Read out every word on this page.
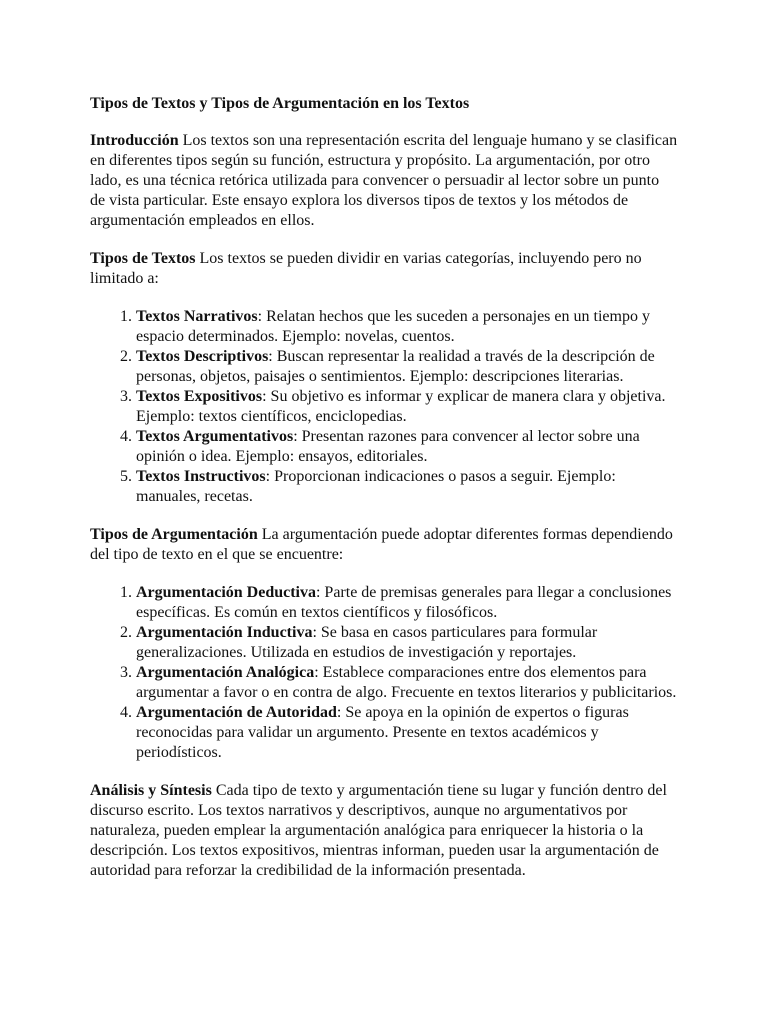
Tipos de Textos y Tipos de Argumentación en los Textos

Introducción Los textos son una representación escrita del lenguaje humano y se clasifican en diferentes tipos según su función, estructura y propósito. La argumentación, por otro lado, es una técnica retórica utilizada para convencer o persuadir al lector sobre un punto de vista particular. Este ensayo explora los diversos tipos de textos y los métodos de argumentación empleados en ellos.

Tipos de Textos Los textos se pueden dividir en varias categorías, incluyendo pero no limitado a:

1. Textos Narrativos: Relatan hechos que les suceden a personajes en un tiempo y espacio determinados. Ejemplo: novelas, cuentos.
2. Textos Descriptivos: Buscan representar la realidad a través de la descripción de personas, objetos, paisajes o sentimientos. Ejemplo: descripciones literarias.
3. Textos Expositivos: Su objetivo es informar y explicar de manera clara y objetiva. Ejemplo: textos científicos, enciclopedias.
4. Textos Argumentativos: Presentan razones para convencer al lector sobre una opinión o idea. Ejemplo: ensayos, editoriales.
5. Textos Instructivos: Proporcionan indicaciones o pasos a seguir. Ejemplo: manuales, recetas.

Tipos de Argumentación La argumentación puede adoptar diferentes formas dependiendo del tipo de texto en el que se encuentre:

1. Argumentación Deductiva: Parte de premisas generales para llegar a conclusiones específicas. Es común en textos científicos y filosóficos.
2. Argumentación Inductiva: Se basa en casos particulares para formular generalizaciones. Utilizada en estudios de investigación y reportajes.
3. Argumentación Analógica: Establece comparaciones entre dos elementos para argumentar a favor o en contra de algo. Frecuente en textos literarios y publicitarios.
4. Argumentación de Autoridad: Se apoya en la opinión de expertos o figuras reconocidas para validar un argumento. Presente en textos académicos y periodísticos.

Análisis y Síntesis Cada tipo de texto y argumentación tiene su lugar y función dentro del discurso escrito. Los textos narrativos y descriptivos, aunque no argumentativos por naturaleza, pueden emplear la argumentación analógica para enriquecer la historia o la descripción. Los textos expositivos, mientras informan, pueden usar la argumentación de autoridad para reforzar la credibilidad de la información presentada.
